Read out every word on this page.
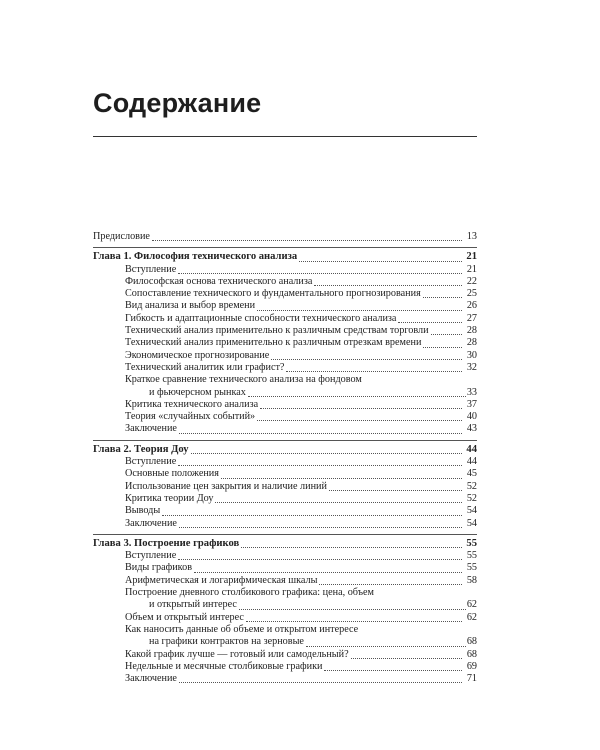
Содержание
Предисловие	13
Глава 1. Философия технического анализа	21
Вступление	21
Философская основа технического анализа	22
Сопоставление технического и фундаментального прогнозирования	25
Вид анализа и выбор времени	26
Гибкость и адаптационные способности технического анализа	27
Технический анализ применительно к различным средствам торговли	28
Технический анализ применительно к различным отрезкам времени	28
Экономическое прогнозирование	30
Технический аналитик или графист?	32
Краткое сравнение технического анализа на фондовом
и фьючерсном рынках	33
Критика технического анализа	37
Теория «случайных событий»	40
Заключение	43
Глава 2. Теория Доу	44
Вступление	44
Основные положения	45
Использование цен закрытия и наличие линий	52
Критика теории Доу	52
Выводы	54
Заключение	54
Глава 3. Построение графиков	55
Вступление	55
Виды графиков	55
Арифметическая и логарифмическая шкалы	58
Построение дневного столбикового графика: цена, объем
и открытый интерес	62
Объем и открытый интерес	62
Как наносить данные об объеме и открытом интересе
на графики контрактов на зерновые	68
Какой график лучше — готовый или самодельный?	68
Недельные и месячные столбиковые графики	69
Заключение	71
